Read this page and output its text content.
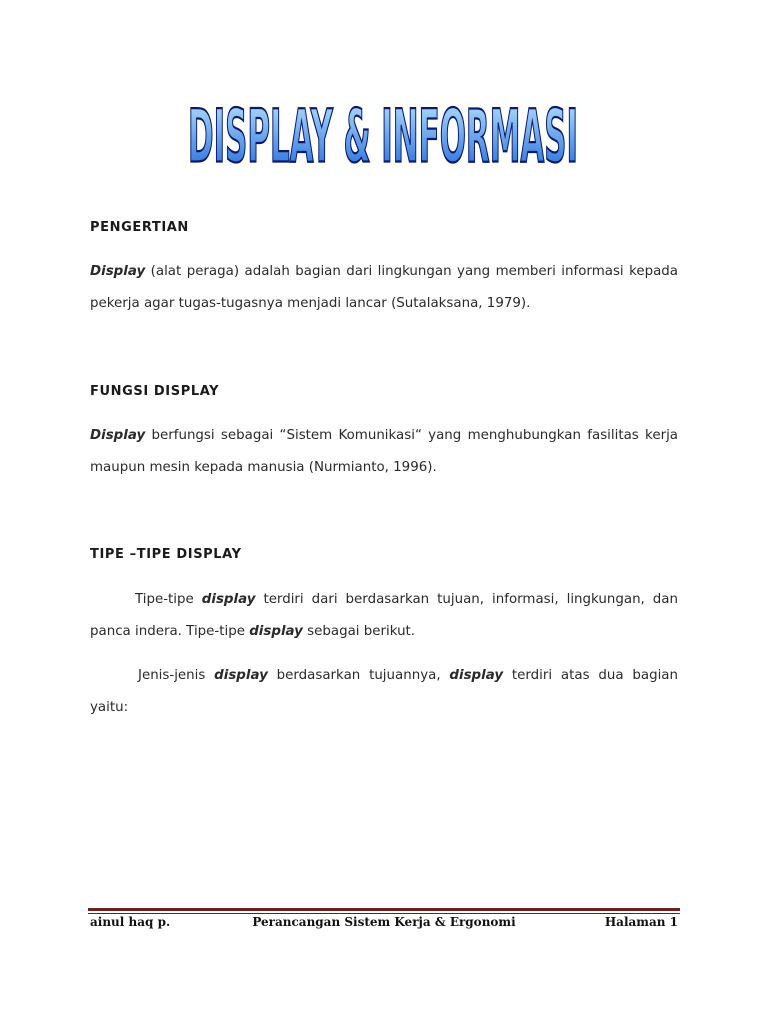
DISPLAY & INFORMASI

PENGERTIAN

Display (alat peraga) adalah bagian dari lingkungan yang memberi informasi kepada pekerja agar tugas-tugasnya menjadi lancar (Sutalaksana, 1979).

FUNGSI DISPLAY

Display berfungsi sebagai “Sistem Komunikasi“ yang menghubungkan fasilitas kerja maupun mesin kepada manusia (Nurmianto, 1996).

TIPE –TIPE DISPLAY

Tipe-tipe display terdiri dari berdasarkan tujuan, informasi, lingkungan, dan panca indera. Tipe-tipe display sebagai berikut.

Jenis-jenis display berdasarkan tujuannya, display terdiri atas dua bagian yaitu:

ainul haq p.	Perancangan Sistem Kerja & Ergonomi	Halaman 1
